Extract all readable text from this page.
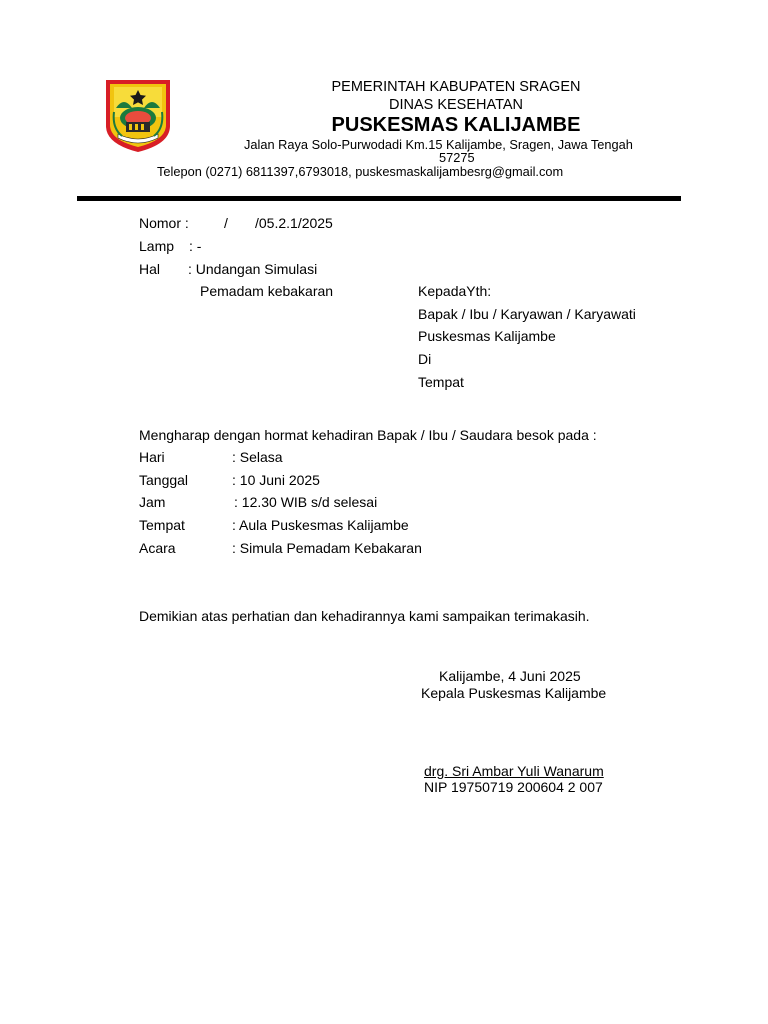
PEMERINTAH KABUPATEN SRAGEN
DINAS KESEHATAN
PUSKESMAS KALIJAMBE
Jalan Raya Solo-Purwodadi Km.15 Kalijambe, Sragen, Jawa Tengah
57275
Telepon (0271) 6811397,6793018, puskesmaskalijambesrg@gmail.com
Nomor :	/ /05.2.1/2025
Lamp : -
Hal : Undangan Simulasi
Pemadam kebakaran	KepadaYth:
Bapak / Ibu / Karyawan / Karyawati
Puskesmas Kalijambe
Di
Tempat
Mengharap dengan hormat kehadiran Bapak / Ibu / Saudara besok pada :
Hari	: Selasa
Tanggal	: 10 Juni 2025
Jam	: 12.30 WIB s/d selesai
Tempat	: Aula Puskesmas Kalijambe
Acara	: Simula Pemadam Kebakaran
Demikian atas perhatian dan kehadirannya kami sampaikan terimakasih.
Kalijambe, 4 Juni 2025
Kepala Puskesmas Kalijambe
drg. Sri Ambar Yuli Wanarum
NIP 19750719 200604 2 007
